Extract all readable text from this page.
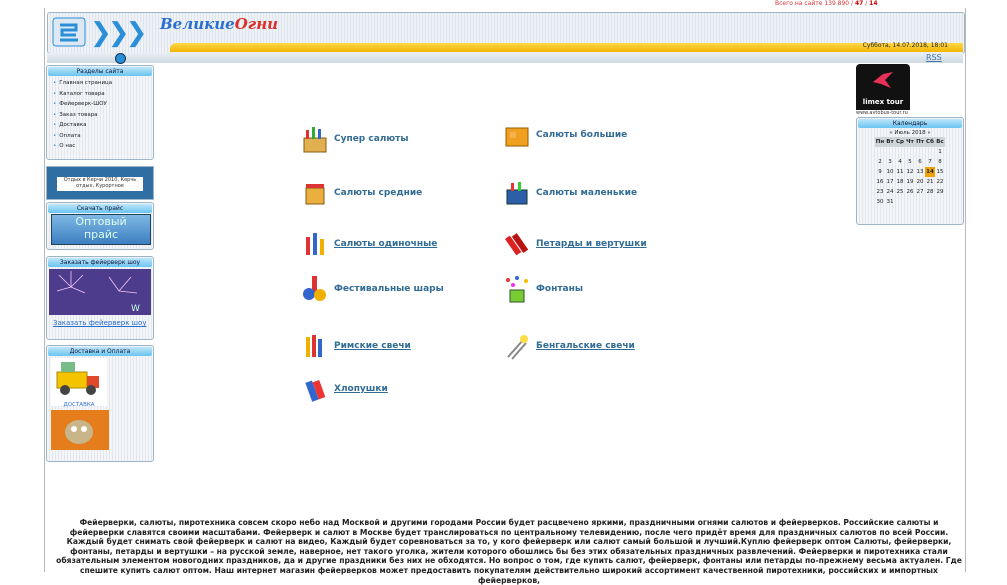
Всего на сайте 139 890 / 47 / 14
❯❯❯ ВеликиеОгни
Суббота, 14.07.2018, 18:01
RSS
Разделы сайта
• Главная страница
• Каталог товара
• Фейерверк-ШОУ
• Заказ товара
• Доставка
• Оплата
• О нас
Отдых в Керчи 2010, Керчь отдых, Курортное
Скачать прайс
Оптовый
прайс
Заказать фейерверк шоу
W
Заказать фейерверк шоу
Доставка и Оплата
ДОСТАВКА
Супер салюты	Салюты большие
Салюты средние	Салюты маленькие
Салюты одиночные	Петарды и вертушки
Фестивальные шары	Фонтаны
Римские свечи	Бенгальские свечи
Хлопушки
limex tour
www.avtobus-tour.ru
Календарь
« Июль 2018 »
Пн	Вт	Ср	Чт	Пт	Сб	Вс
						1
2	3	4	5	6	7	8
9	10	11	12	13	14	15
16	17	18	19	20	21	22
23	24	25	26	27	28	29
30	31					
Фейерверки, салюты, пиротехника совсем скоро небо над Москвой и другими городами России будет расцвечено яркими, праздничными огнями салютов и фейерверков. Российские салюты и фейерверки славятся своими масштабами. Фейерверк и салют в Москве будет транслироваться по центральному телевидению, после чего придёт время для праздничных салютов по всей России. Каждый будет снимать свой фейерверк и салют на видео, Каждый будет соревноваться за то, у кого фейерверк или салют самый большой и лучший.Куплю фейерверк оптом Салюты, фейерверки, фонтаны, петарды и вертушки – на русской земле, наверное, нет такого уголка, жители которого обошлись бы без этих обязательных праздничных развлечений. Фейерверки и пиротехника стали обязательным элементом новогодних праздников, да и другие праздники без них не обходятся. Но вопрос о том, где купить салют, фейерверк, фонтаны или петарды по-прежнему весьма актуален. Где спешите купить салют оптом. Наш интернет магазин фейерверков может предоставить покупателям действительно широкий ассортимент качественной пиротехники, российских и импортных фейерверков,
